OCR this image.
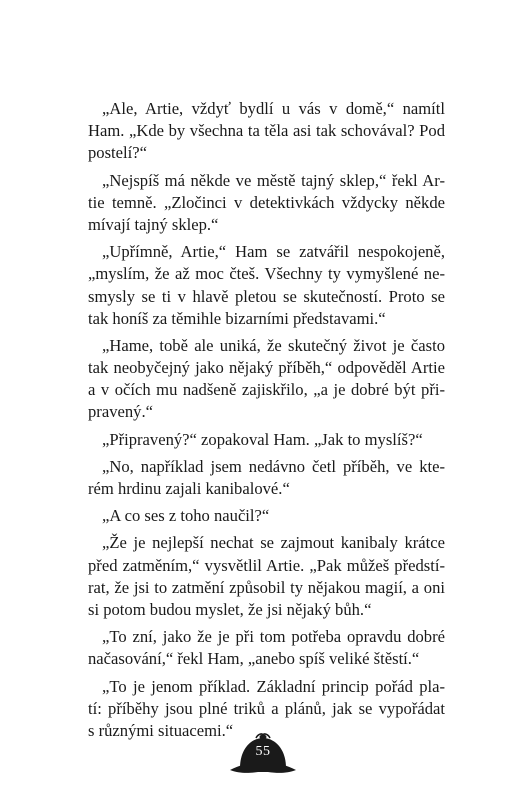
„Ale, Artie, vždyť bydlí u vás v domě,“ namítl
Ham. „Kde by všechna ta těla asi tak schovával? Pod
postelí?“
„Nejspíš má někde ve městě tajný sklep,“ řekl Ar-
tie temně. „Zločinci v detektivkách vždycky někde
mívají tajný sklep.“
„Upřímně, Artie,“ Ham se zatvářil nespokojeně,
„myslím, že až moc čteš. Všechny ty vymyšlené ne-
smysly se ti v hlavě pletou se skutečností. Proto se
tak honíš za těmihle bizarními představami.“
„Hame, tobě ale uniká, že skutečný život je často
tak neobyčejný jako nějaký příběh,“ odpověděl Artie
a v očích mu nadšeně zajiskřilo, „a je dobré být při-
pravený.“
„Připravený?“ zopakoval Ham. „Jak to myslíš?“
„No, například jsem nedávno četl příběh, ve kte-
rém hrdinu zajali kanibalové.“
„A co ses z toho naučil?“
„Že je nejlepší nechat se zajmout kanibaly krátce
před zatměním,“ vysvětlil Artie. „Pak můžeš předstí-
rat, že jsi to zatmění způsobil ty nějakou magií, a oni
si potom budou myslet, že jsi nějaký bůh.“
„To zní, jako že je při tom potřeba opravdu dobré
načasování,“ řekl Ham, „anebo spíš veliké štěstí.“
„To je jenom příklad. Základní princip pořád pla-
tí: příběhy jsou plné triků a plánů, jak se vypořádat
s různými situacemi.“
55
